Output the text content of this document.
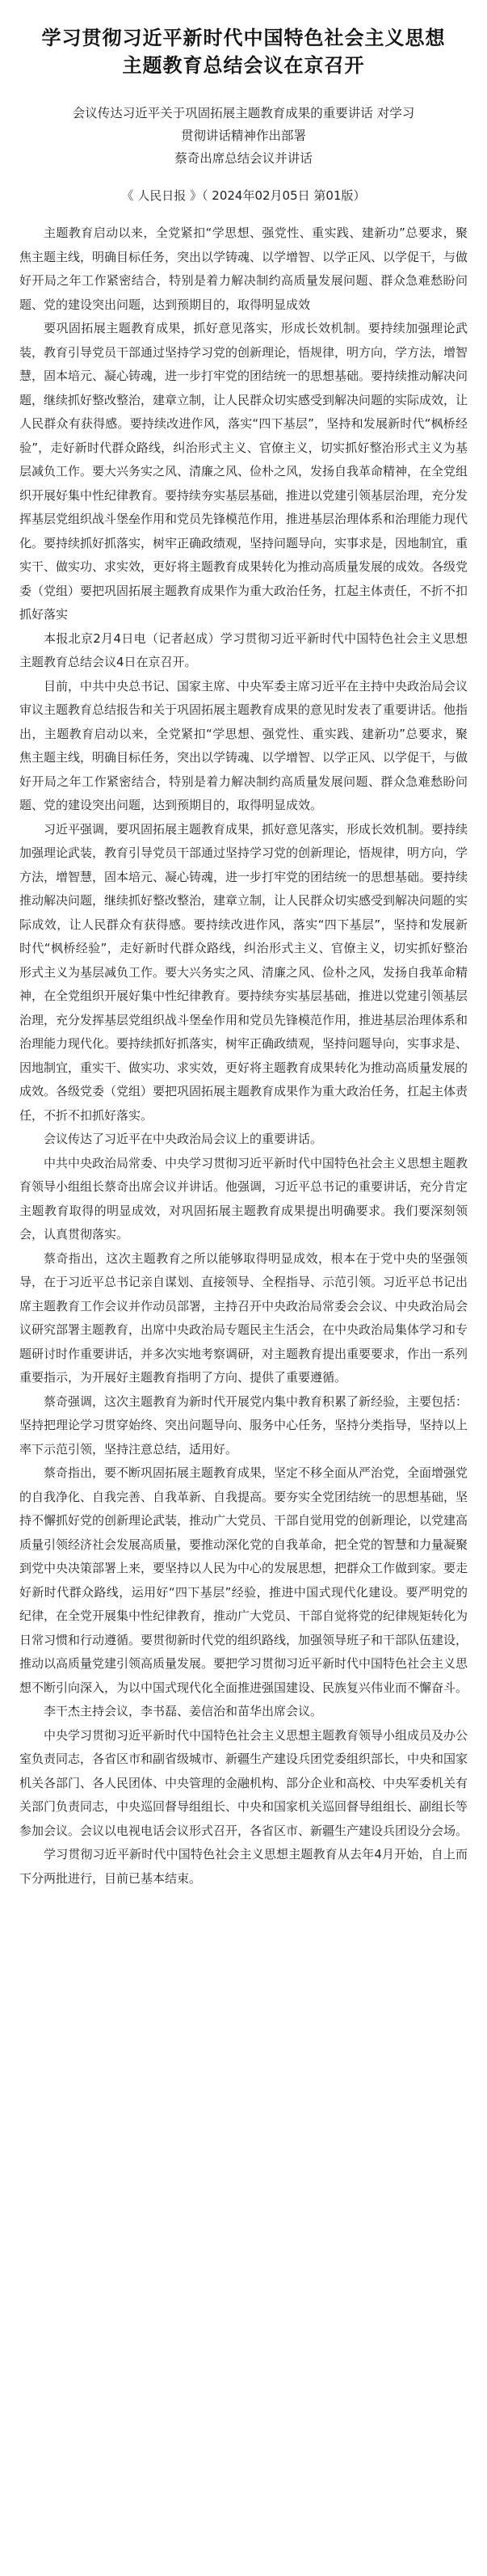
学习贯彻习近平新时代中国特色社会主义思想
主题教育总结会议在京召开
会议传达习近平关于巩固拓展主题教育成果的重要讲话 对学习
贯彻讲话精神作出部署
蔡奇出席总结会议并讲话
《 人民日报 》（ 2024年02月05日 第01版）

主题教育启动以来，全党紧扣“学思想、强党性、重实践、建新功”总要求，聚焦主题主线，明确目标任务，突出以学铸魂、以学增智、以学正风、以学促干，与做好开局之年工作紧密结合，特别是着力解决制约高质量发展问题、群众急难愁盼问题、党的建设突出问题，达到预期目的，取得明显成效

要巩固拓展主题教育成果，抓好意见落实，形成长效机制。要持续加强理论武装，教育引导党员干部通过坚持学习党的创新理论，悟规律，明方向，学方法，增智慧，固本培元、凝心铸魂，进一步打牢党的团结统一的思想基础。要持续推动解决问题，继续抓好整改整治，建章立制，让人民群众切实感受到解决问题的实际成效，让人民群众有获得感。要持续改进作风，落实“四下基层”，坚持和发展新时代“枫桥经验”，走好新时代群众路线，纠治形式主义、官僚主义，切实抓好整治形式主义为基层减负工作。要大兴务实之风、清廉之风、俭朴之风，发扬自我革命精神，在全党组织开展好集中性纪律教育。要持续夯实基层基础，推进以党建引领基层治理，充分发挥基层党组织战斗堡垒作用和党员先锋模范作用，推进基层治理体系和治理能力现代化。要持续抓好抓落实，树牢正确政绩观，坚持问题导向，实事求是，因地制宜，重实干、做实功、求实效，更好将主题教育成果转化为推动高质量发展的成效。各级党委（党组）要把巩固拓展主题教育成果作为重大政治任务，扛起主体责任，不折不扣抓好落实

本报北京2月4日电（记者赵成）学习贯彻习近平新时代中国特色社会主义思想主题教育总结会议4日在京召开。

目前，中共中央总书记、国家主席、中央军委主席习近平在主持中央政治局会议审议主题教育总结报告和关于巩固拓展主题教育成果的意见时发表了重要讲话。他指出，主题教育启动以来，全党紧扣“学思想、强党性、重实践、建新功”总要求，聚焦主题主线，明确目标任务，突出以学铸魂、以学增智、以学正风、以学促干，与做好开局之年工作紧密结合，特别是着力解决制约高质量发展问题、群众急难愁盼问题、党的建设突出问题，达到预期目的，取得明显成效。

习近平强调，要巩固拓展主题教育成果，抓好意见落实，形成长效机制。要持续加强理论武装，教育引导党员干部通过坚持学习党的创新理论，悟规律，明方向，学方法，增智慧，固本培元、凝心铸魂，进一步打牢党的团结统一的思想基础。要持续推动解决问题，继续抓好整改整治，建章立制，让人民群众切实感受到解决问题的实际成效，让人民群众有获得感。要持续改进作风，落实“四下基层”，坚持和发展新时代“枫桥经验”，走好新时代群众路线，纠治形式主义、官僚主义，切实抓好整治形式主义为基层减负工作。要大兴务实之风、清廉之风、俭朴之风，发扬自我革命精神，在全党组织开展好集中性纪律教育。要持续夯实基层基础，推进以党建引领基层治理，充分发挥基层党组织战斗堡垒作用和党员先锋模范作用，推进基层治理体系和治理能力现代化。要持续抓好抓落实，树牢正确政绩观，坚持问题导向，实事求是、因地制宜，重实干、做实功、求实效，更好将主题教育成果转化为推动高质量发展的成效。各级党委（党组）要把巩固拓展主题教育成果作为重大政治任务，扛起主体责任，不折不扣抓好落实。

会议传达了习近平在中央政治局会议上的重要讲话。

中共中央政治局常委、中央学习贯彻习近平新时代中国特色社会主义思想主题教育领导小组组长蔡奇出席会议并讲话。他强调，习近平总书记的重要讲话，充分肯定主题教育取得的明显成效，对巩固拓展主题教育成果提出明确要求。我们要深刻领会，认真贯彻落实。

蔡奇指出，这次主题教育之所以能够取得明显成效，根本在于党中央的坚强领导，在于习近平总书记亲自谋划、直接领导、全程指导、示范引领。习近平总书记出席主题教育工作会议并作动员部署，主持召开中央政治局常委会会议、中央政治局会议研究部署主题教育，出席中央政治局专题民主生活会，在中央政治局集体学习和专题研讨时作重要讲话，并多次实地考察调研，对主题教育提出重要要求，作出一系列重要指示，为开展好主题教育指明了方向、提供了重要遵循。

蔡奇强调，这次主题教育为新时代开展党内集中教育积累了新经验，主要包括：坚持把理论学习贯穿始终、突出问题导向、服务中心任务，坚持分类指导，坚持以上率下示范引领，坚持注意总结，适用好。

蔡奇指出，要不断巩固拓展主题教育成果，坚定不移全面从严治党，全面增强党的自我净化、自我完善、自我革新、自我提高。要夯实全党团结统一的思想基础，坚持不懈抓好党的创新理论武装，推动广大党员、干部自觉用党的创新理论，以党建高质量引领经济社会发展高质量，要推动深化党的自我革命，把全党的智慧和力量凝聚到党中央决策部署上来，要坚持以人民为中心的发展思想，把群众工作做到家。要走好新时代群众路线，运用好“四下基层”经验，推进中国式现代化建设。要严明党的纪律，在全党开展集中性纪律教育，推动广大党员、干部自觉将党的纪律规矩转化为日常习惯和行动遵循。要贯彻新时代党的组织路线，加强领导班子和干部队伍建设，推动以高质量党建引领高质量发展。要把学习贯彻习近平新时代中国特色社会主义思想不断引向深入，为以中国式现代化全面推进强国建设、民族复兴伟业而不懈奋斗。

李干杰主持会议，李书磊、姜信治和苗华出席会议。

中央学习贯彻习近平新时代中国特色社会主义思想主题教育领导小组成员及办公室负责同志，各省区市和副省级城市、新疆生产建设兵团党委组织部长，中央和国家机关各部门、各人民团体、中央管理的金融机构、部分企业和高校、中央军委机关有关部门负责同志，中央巡回督导组组长、中央和国家机关巡回督导组组长、副组长等参加会议。会议以电视电话会议形式召开，各省区市、新疆生产建设兵团设分会场。

学习贯彻习近平新时代中国特色社会主义思想主题教育从去年4月开始，自上而下分两批进行，目前已基本结束。
